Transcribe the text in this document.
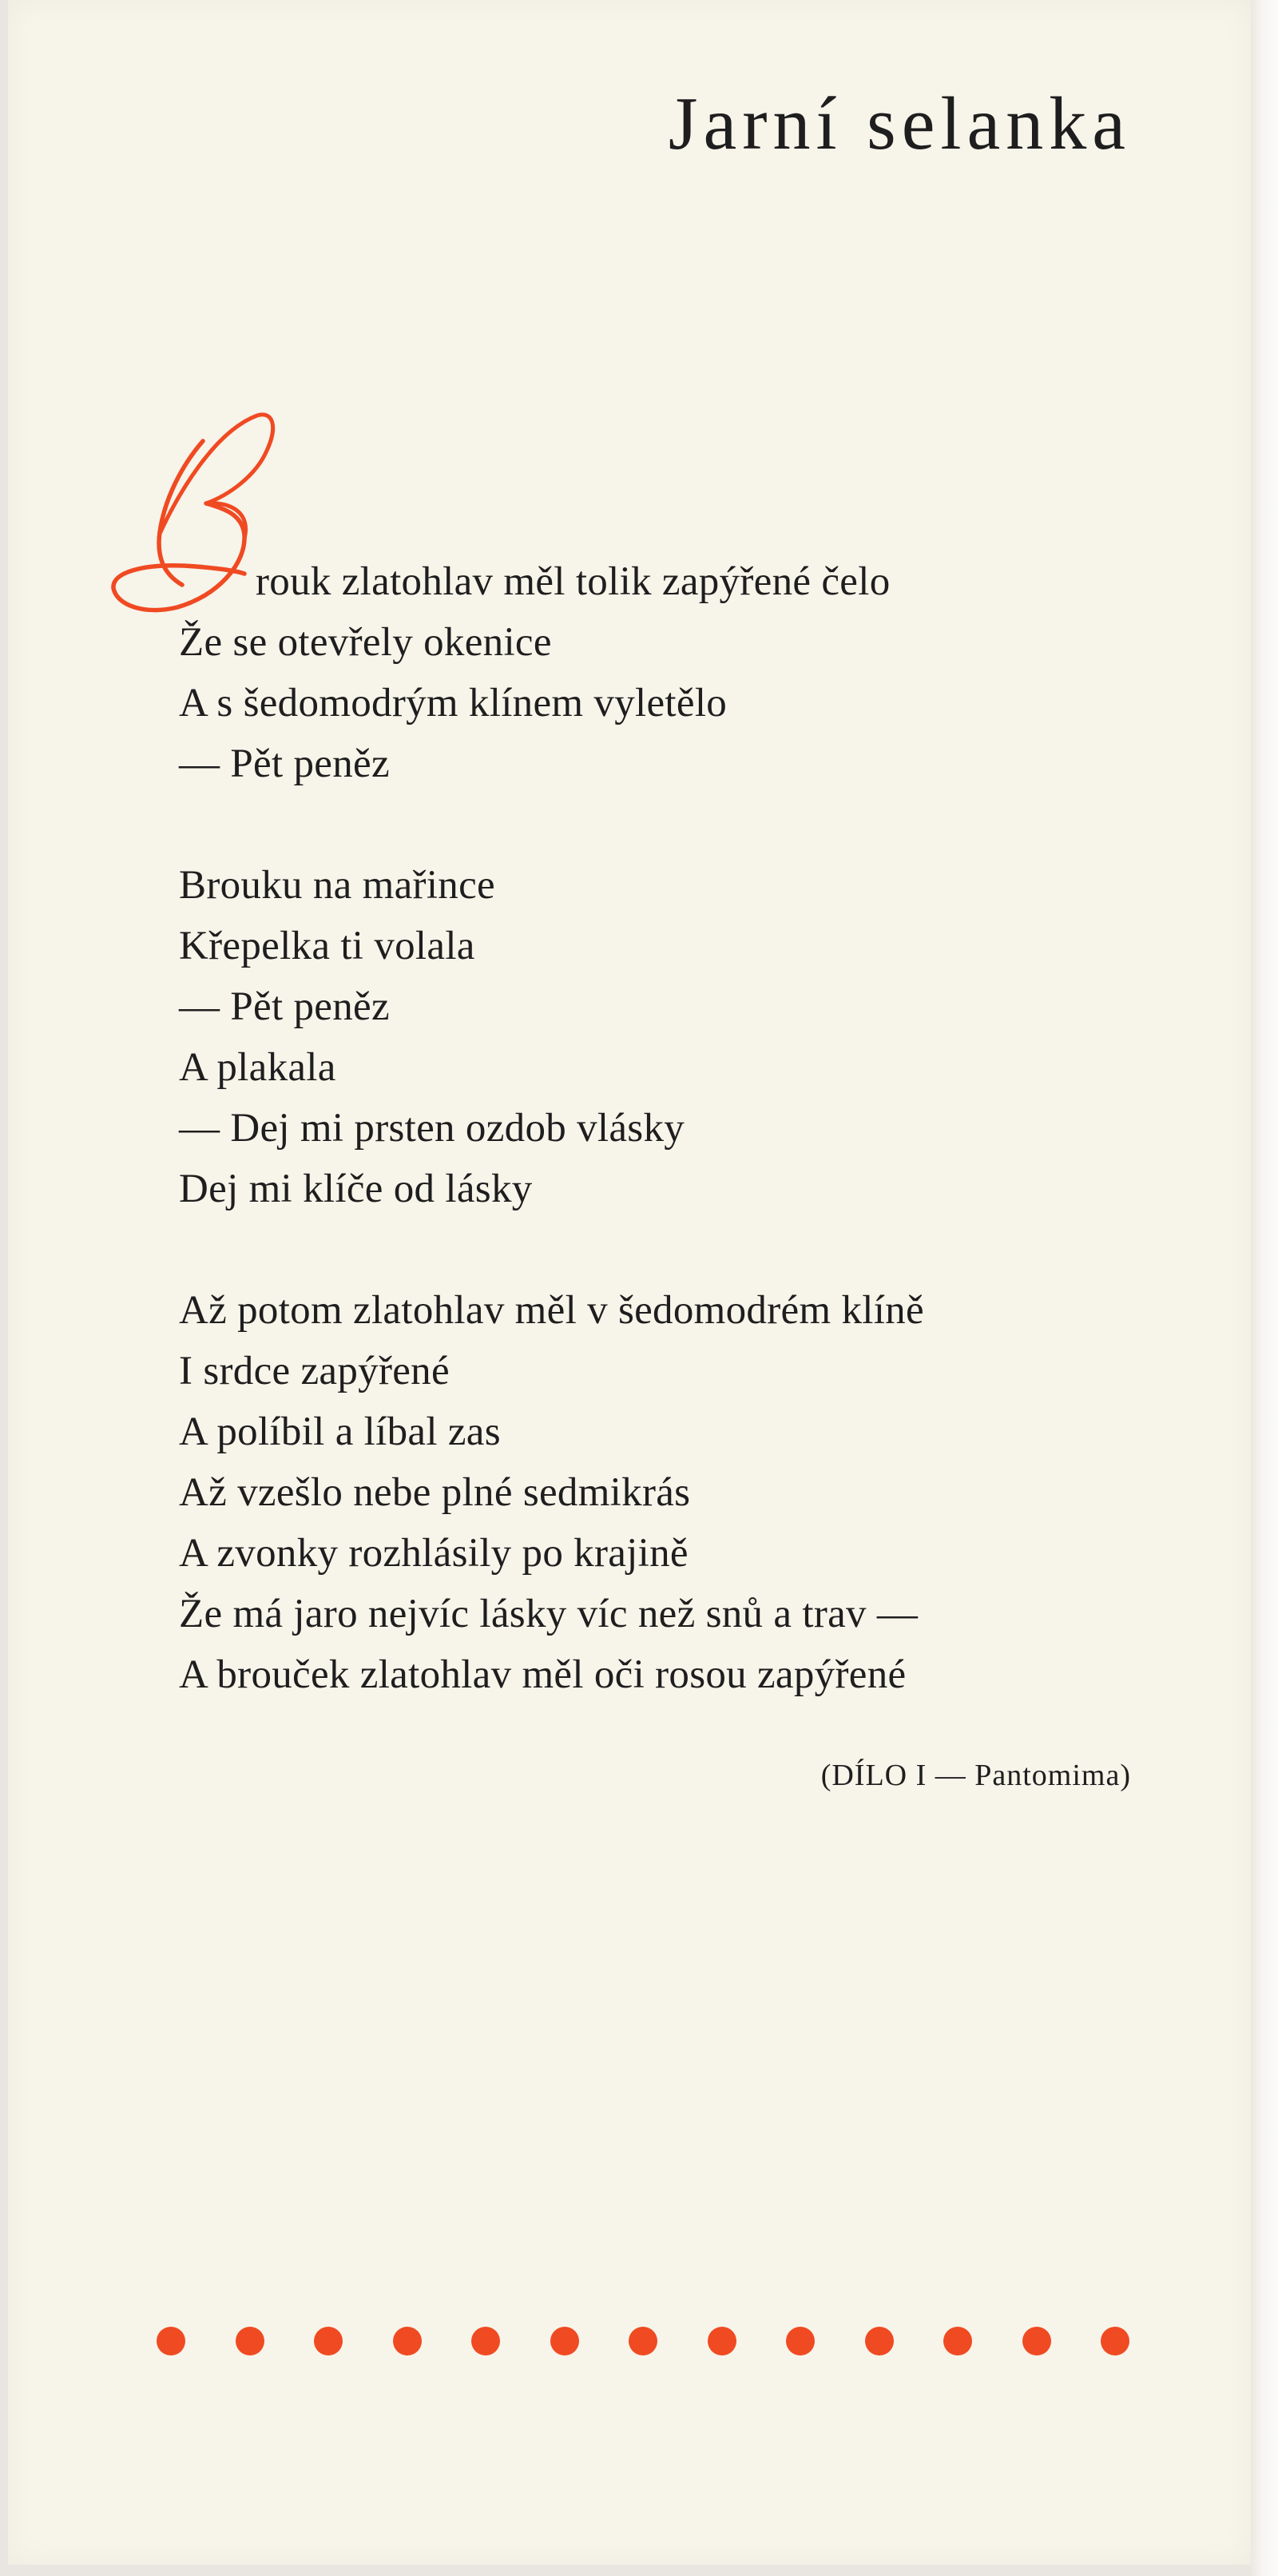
Jarní selanka
rouk zlatohlav měl tolik zapýřené čelo
Že se otevřely okenice
A s šedomodrým klínem vyletělo
— Pět peněz
Brouku na mařince
Křepelka ti volala
— Pět peněz
A plakala
— Dej mi prsten ozdob vlásky
Dej mi klíče od lásky
Až potom zlatohlav měl v šedomodrém klíně
I srdce zapýřené
A políbil a líbal zas
Až vzešlo nebe plné sedmikrás
A zvonky rozhlásily po krajině
Že má jaro nejvíc lásky víc než snů a trav —
A brouček zlatohlav měl oči rosou zapýřené
(DÍLO I — Pantomima)
